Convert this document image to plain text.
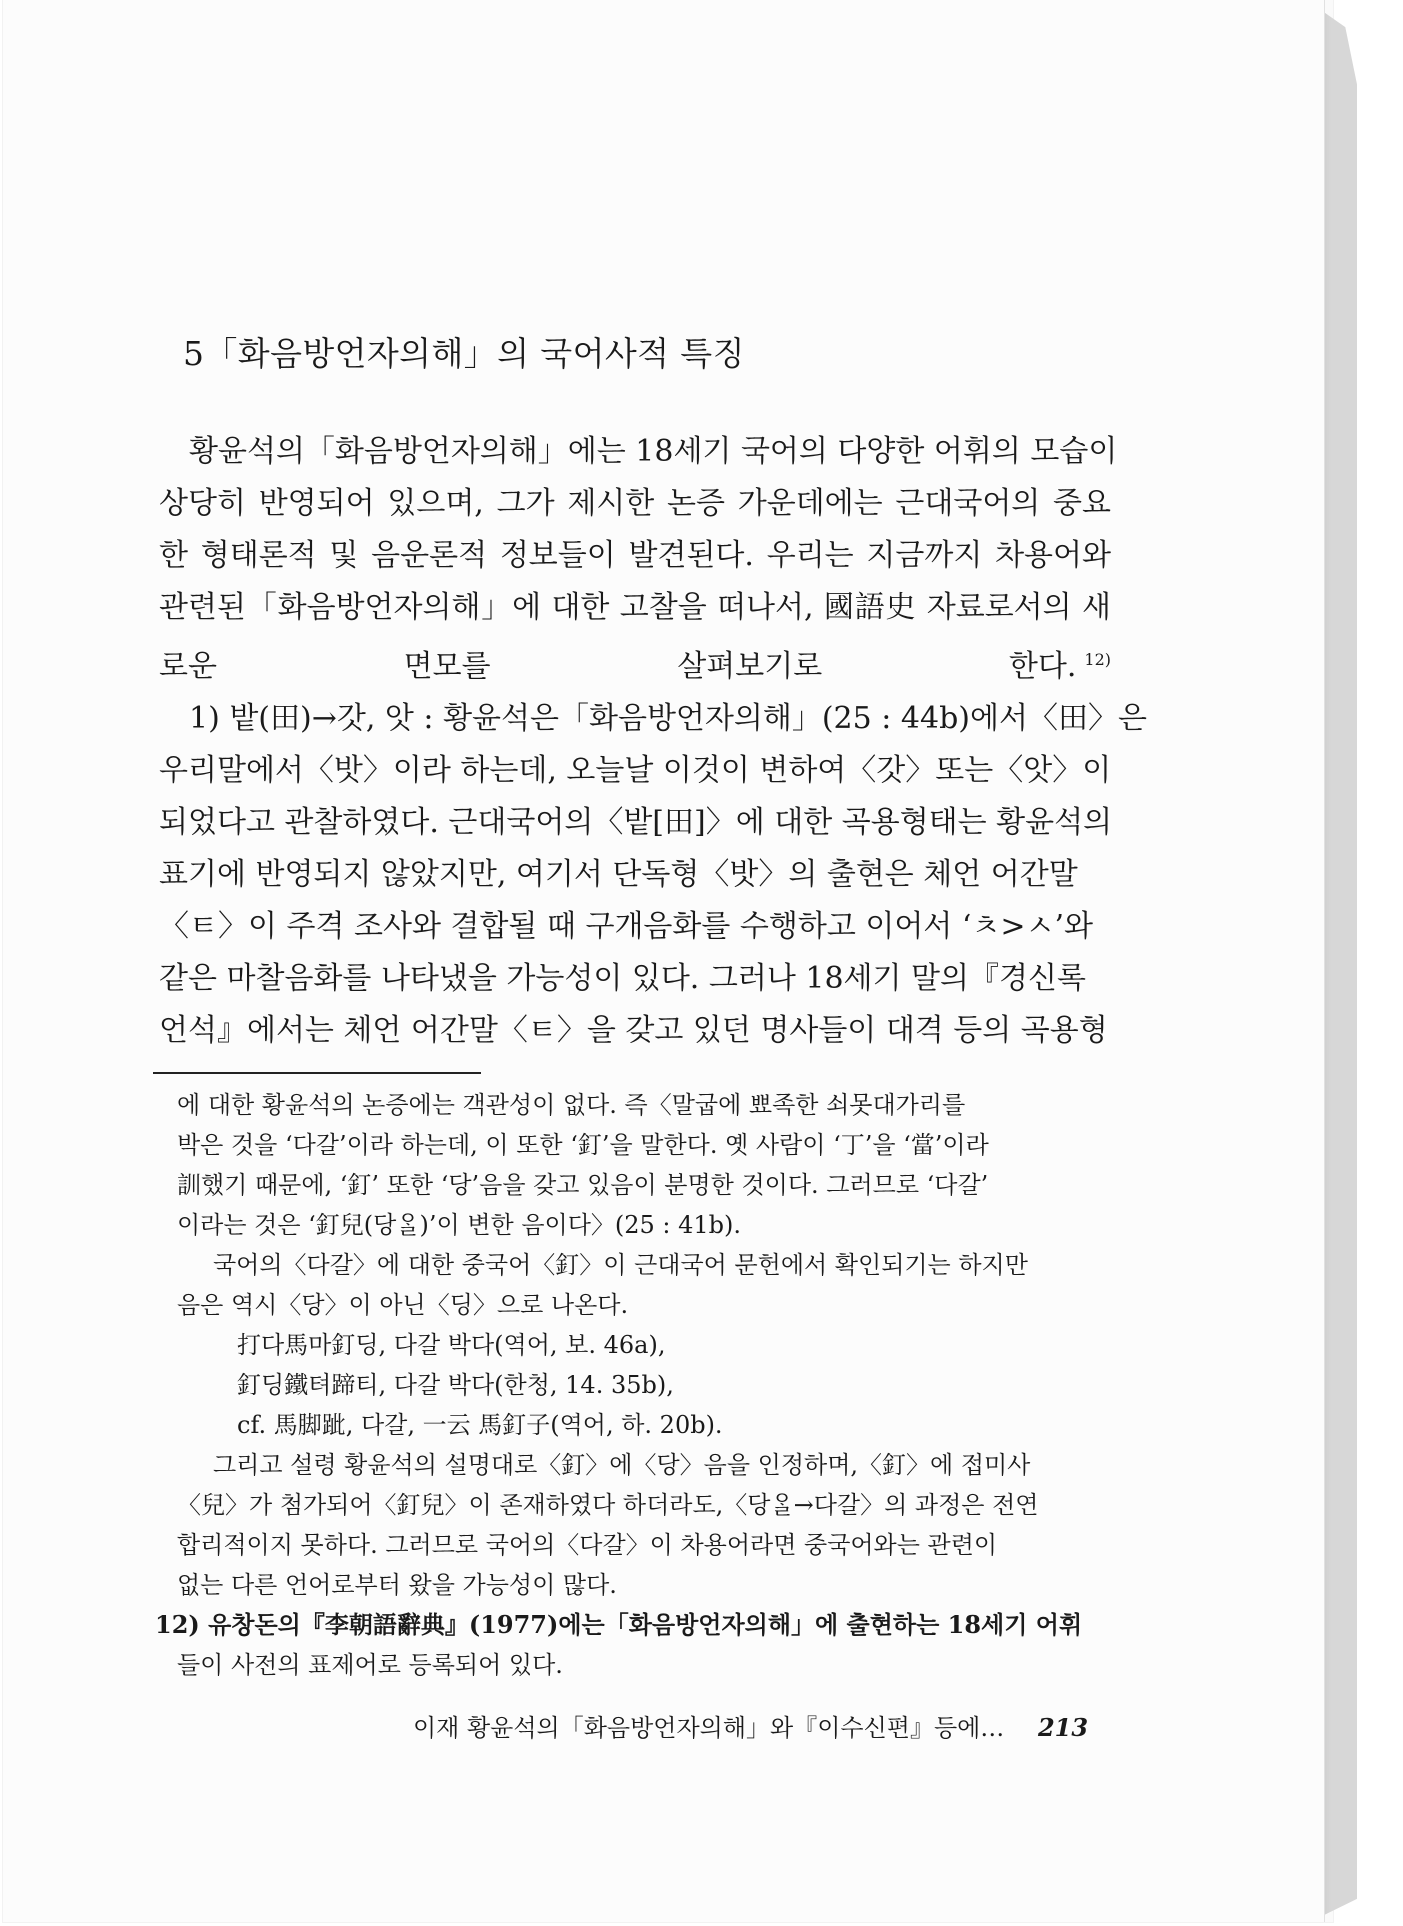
5「화음방언자의해」의 국어사적 특징

황윤석의「화음방언자의해」에는 18세기 국어의 다양한 어휘의 모습이
상당히 반영되어 있으며, 그가 제시한 논증 가운데에는 근대국어의 중요
한 형태론적 및 음운론적 정보들이 발견된다. 우리는 지금까지 차용어와
관련된「화음방언자의해」에 대한 고찰을 떠나서, 國語史 자료로서의 새
로운 면모를 살펴보기로 한다. $^{12)}$

1) 밭(田)→갓, 앗 : 황윤석은「화음방언자의해」(25 : 44b)에서〈田〉은
우리말에서〈밧〉이라 하는데, 오늘날 이것이 변하여〈갓〉또는〈앗〉이
되었다고 관찰하였다. 근대국어의〈밭[田]〉에 대한 곡용형태는 황윤석의
표기에 반영되지 않았지만, 여기서 단독형〈밧〉의 출현은 체언 어간말
〈ㅌ〉이 주격 조사와 결합될 때 구개음화를 수행하고 이어서 ‘ㅊ>ㅅ’와
같은 마찰음화를 나타냈을 가능성이 있다. 그러나 18세기 말의『경신록
언석』에서는 체언 어간말〈ㅌ〉을 갖고 있던 명사들이 대격 등의 곡용형

에 대한 황윤석의 논증에는 객관성이 없다. 즉〈말굽에 뾰족한 쇠못대가리를
박은 것을 ‘다갈’이라 하는데, 이 또한 ‘釘’을 말한다. 옛 사람이 ‘丁’을 ‘當’이라
訓했기 때문에, ‘釘’ 또한 ‘당’음을 갖고 있음이 분명한 것이다. 그러므로 ‘다갈’
이라는 것은 ‘釘兒(당ᄋᆞᆯ)’이 변한 음이다〉(25 : 41b).
국어의〈다갈〉에 대한 중국어〈釘〉이 근대국어 문헌에서 확인되기는 하지만
음은 역시〈당〉이 아닌〈딩〉으로 나온다.
打다馬마釘딩, 다갈 박다(역어, 보. 46a),
釘딩鐵텨蹄티, 다갈 박다(한청, 14. 35b),
cf. 馬脚跐, 다갈, 一云 馬釘子(역어, 하. 20b).
그리고 설령 황윤석의 설명대로〈釘〉에〈당〉음을 인정하며,〈釘〉에 접미사
〈兒〉가 첨가되어〈釘兒〉이 존재하였다 하더라도,〈당ᄋᆞᆯ→다갈〉의 과정은 전연
합리적이지 못하다. 그러므로 국어의〈다갈〉이 차용어라면 중국어와는 관련이
없는 다른 언어로부터 왔을 가능성이 많다.
12) 유창돈의『李朝語辭典』(1977)에는「화음방언자의해」에 출현하는 18세기 어휘
들이 사전의 표제어로 등록되어 있다.
이재 황윤석의「화음방언자의해」와『이수신편』등에… 213
